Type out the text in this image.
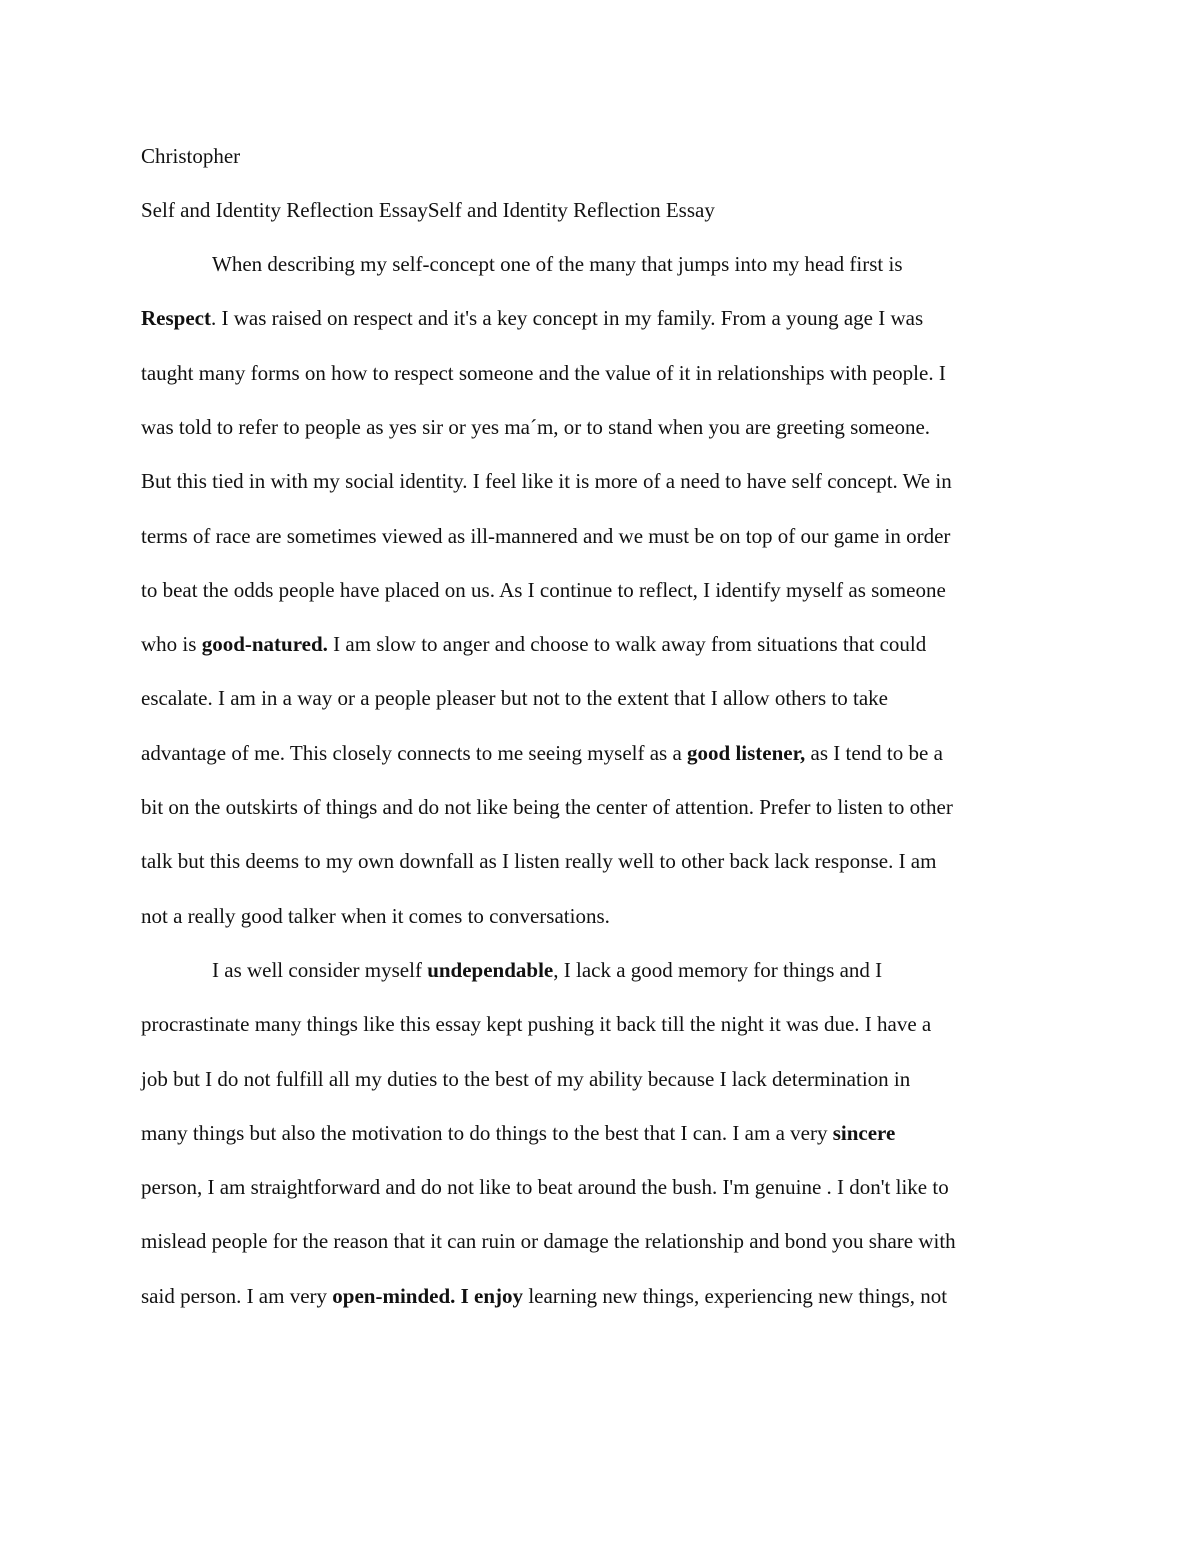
Christopher
Self and Identity Reflection EssaySelf and Identity Reflection Essay
When describing my self-concept one of the many that jumps into my head first is
Respect. I was raised on respect and it's a key concept in my family. From a young age I was
taught many forms on how to respect someone and the value of it in relationships with people. I
was told to refer to people as yes sir or yes ma´m, or to stand when you are greeting someone.
But this tied in with my social identity. I feel like it is more of a need to have self concept. We in
terms of race are sometimes viewed as ill-mannered and we must be on top of our game in order
to beat the odds people have placed on us. As I continue to reflect, I identify myself as someone
who is good-natured. I am slow to anger and choose to walk away from situations that could
escalate. I am in a way or a people pleaser but not to the extent that I allow others to take
advantage of me. This closely connects to me seeing myself as a good listener, as I tend to be a
bit on the outskirts of things and do not like being the center of attention. Prefer to listen to other
talk but this deems to my own downfall as I listen really well to other back lack response. I am
not a really good talker when it comes to conversations.
I as well consider myself undependable, I lack a good memory for things and I
procrastinate many things like this essay kept pushing it back till the night it was due. I have a
job but I do not fulfill all my duties to the best of my ability because I lack determination in
many things but also the motivation to do things to the best that I can. I am a very sincere
person, I am straightforward and do not like to beat around the bush. I'm genuine . I don't like to
mislead people for the reason that it can ruin or damage the relationship and bond you share with
said person. I am very open-minded. I enjoy learning new things, experiencing new things, not
